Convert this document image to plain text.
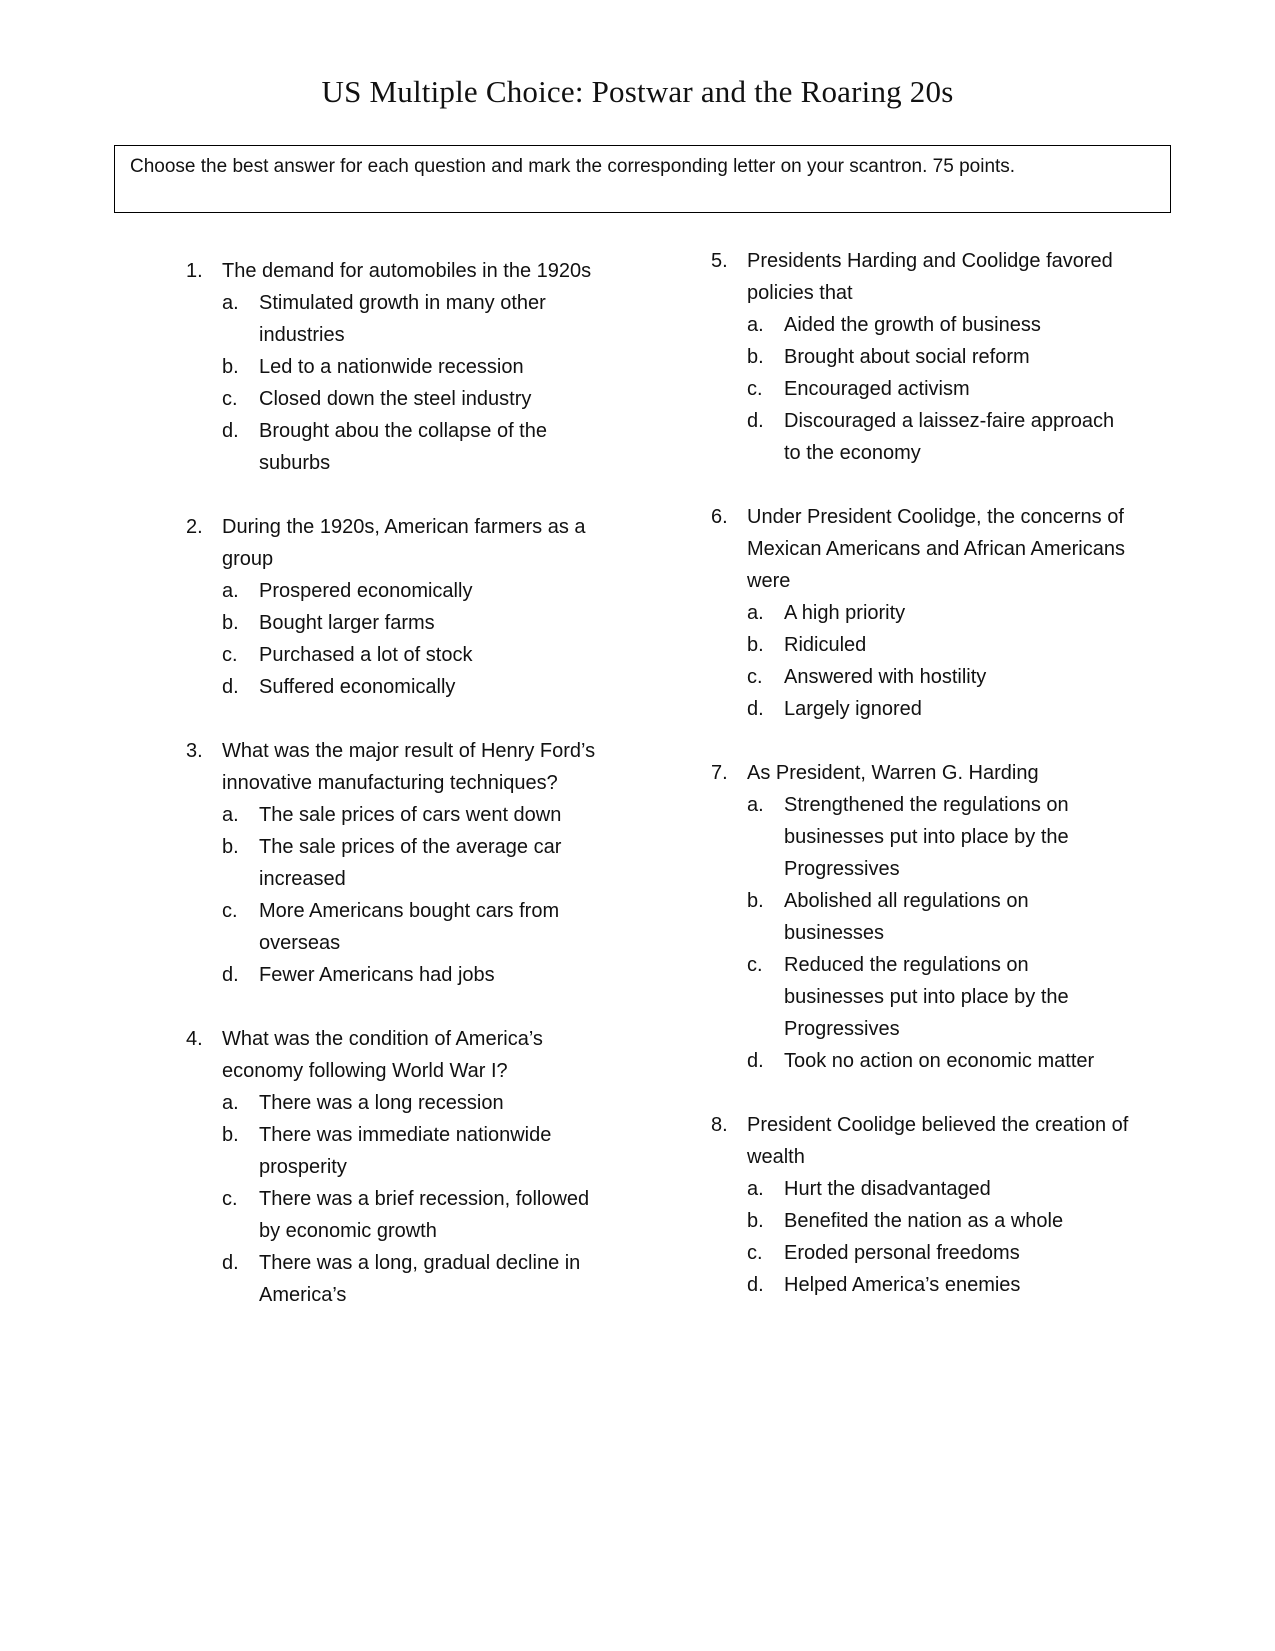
US Multiple Choice: Postwar and the Roaring 20s
Choose the best answer for each question and mark the corresponding letter on your scantron. 75 points.
1. The demand for automobiles in the 1920s
a.	Stimulated growth in many other industries
b.	Led to a nationwide recession
c.	Closed down the steel industry
d.	Brought abou the collapse of the suburbs
2. During the 1920s, American farmers as a group
a.	Prospered economically
b.	Bought larger farms
c.	Purchased a lot of stock
d.	Suffered economically
3. What was the major result of Henry Ford’s innovative manufacturing techniques?
a.	The sale prices of cars went down
b.	The sale prices of the average car increased
c.	More Americans bought cars from overseas
d.	Fewer Americans had jobs
4. What was the condition of America’s economy following World War I?
a.	There was a long recession
b.	There was immediate nationwide prosperity
c.	There was a brief recession, followed by economic growth
d.	There was a long, gradual decline in America’s
5. Presidents Harding and Coolidge favored policies that
a.	Aided the growth of business
b.	Brought about social reform
c.	Encouraged activism
d.	Discouraged a laissez-faire approach to the economy
6. Under President Coolidge, the concerns of Mexican Americans and African Americans were
a.	A high priority
b.	Ridiculed
c.	Answered with hostility
d.	Largely ignored
7. As President, Warren G. Harding
a.	Strengthened the regulations on businesses put into place by the Progressives
b.	Abolished all regulations on businesses
c.	Reduced the regulations on businesses put into place by the Progressives
d.	Took no action on economic matter
8. President Coolidge believed the creation of wealth
a.	Hurt the disadvantaged
b.	Benefited the nation as a whole
c.	Eroded personal freedoms
d.	Helped America’s enemies
